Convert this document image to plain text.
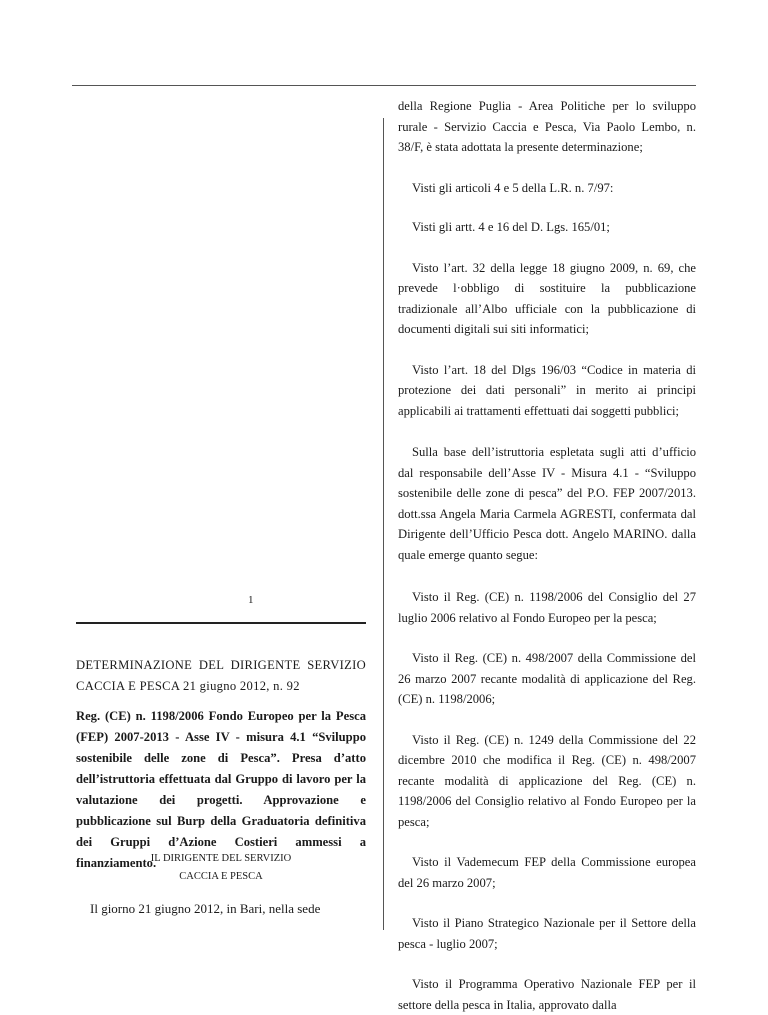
1
DETERMINAZIONE DEL DIRIGENTE SERVIZIO CACCIA E PESCA 21 giugno 2012, n. 92
Reg. (CE) n. 1198/2006 Fondo Europeo per la Pesca (FEP) 2007-2013 - Asse IV - misura 4.1 “Sviluppo sostenibile delle zone di Pesca”. Presa d’atto dell’istruttoria effettuata dal Gruppo di lavoro per la valutazione dei progetti. Approvazione e pubblicazione sul Burp della Graduatoria definitiva dei Gruppi d’Azione Costieri ammessi a finanziamento.
IL DIRIGENTE DEL SERVIZIO
CACCIA E PESCA
Il giorno 21 giugno 2012, in Bari, nella sede

della Regione Puglia - Area Politiche per lo sviluppo rurale - Servizio Caccia e Pesca, Via Paolo Lembo, n. 38/F, è stata adottata la presente determinazione;

Visti gli articoli 4 e 5 della L.R. n. 7/97:

Visti gli artt. 4 e 16 del D. Lgs. 165/01;

Visto l’art. 32 della legge 18 giugno 2009, n. 69, che prevede l·obbligo di sostituire la pubblicazione tradizionale all’Albo ufficiale con la pubblicazione di documenti digitali sui siti informatici;

Visto l’art. 18 del Dlgs 196/03 “Codice in materia di protezione dei dati personali” in merito ai principi applicabili ai trattamenti effettuati dai soggetti pubblici;

Sulla base dell’istruttoria espletata sugli atti d’ufficio dal responsabile dell’Asse IV - Misura 4.1 - “Sviluppo sostenibile delle zone di pesca” del P.O. FEP 2007/2013. dott.ssa Angela Maria Carmela AGRESTI, confermata dal Dirigente dell’Ufficio Pesca dott. Angelo MARINO. dalla quale emerge quanto segue:

Visto il Reg. (CE) n. 1198/2006 del Consiglio del 27 luglio 2006 relativo al Fondo Europeo per la pesca;

Visto il Reg. (CE) n. 498/2007 della Commissione del 26 marzo 2007 recante modalità di applicazione del Reg. (CE) n. 1198/2006;

Visto il Reg. (CE) n. 1249 della Commissione del 22 dicembre 2010 che modifica il Reg. (CE) n. 498/2007 recante modalità di applicazione del Reg. (CE) n. 1198/2006 del Consiglio relativo al Fondo Europeo per la pesca;

Visto il Vademecum FEP della Commissione europea del 26 marzo 2007;

Visto il Piano Strategico Nazionale per il Settore della pesca - luglio 2007;

Visto il Programma Operativo Nazionale FEP per il settore della pesca in Italia, approvato dalla
